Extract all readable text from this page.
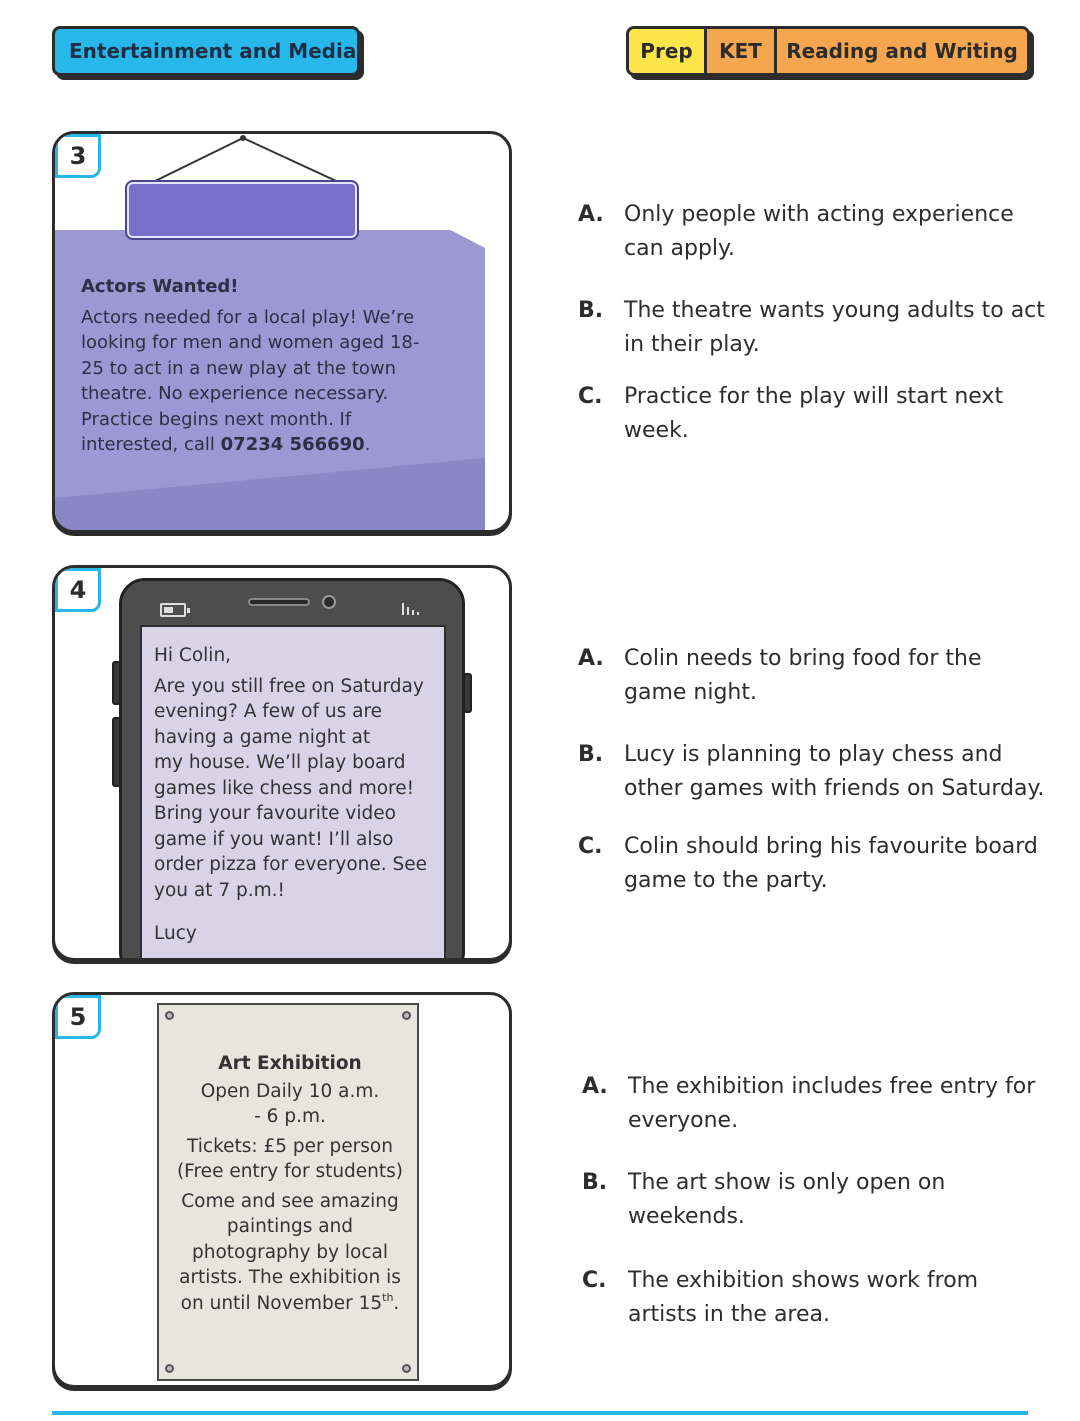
Entertainment and Media	Prep	KET	Reading and Writing
3
Actors Wanted!
Actors needed for a local play! We’re
looking for men and women aged 18-
25 to act in a new play at the town
theatre. No experience necessary.
Practice begins next month. If
interested, call 07234 566690.
A. Only people with acting experience can apply.
B. The theatre wants young adults to act in their play.
C. Practice for the play will start next week.
4
Hi Colin,
Are you still free on Saturday
evening? A few of us are
having a game night at
my house. We’ll play board
games like chess and more!
Bring your favourite video
game if you want! I’ll also
order pizza for everyone. See
you at 7 p.m.!
Lucy
A. Colin needs to bring food for the game night.
B. Lucy is planning to play chess and other games with friends on Saturday.
C. Colin should bring his favourite board game to the party.
5
Art Exhibition
Open Daily 10 a.m.
- 6 p.m.
Tickets: £5 per person
(Free entry for students)
Come and see amazing
paintings and
photography by local
artists. The exhibition is
on until November 15th.
A. The exhibition includes free entry for everyone.
B. The art show is only open on weekends.
C. The exhibition shows work from artists in the area.
